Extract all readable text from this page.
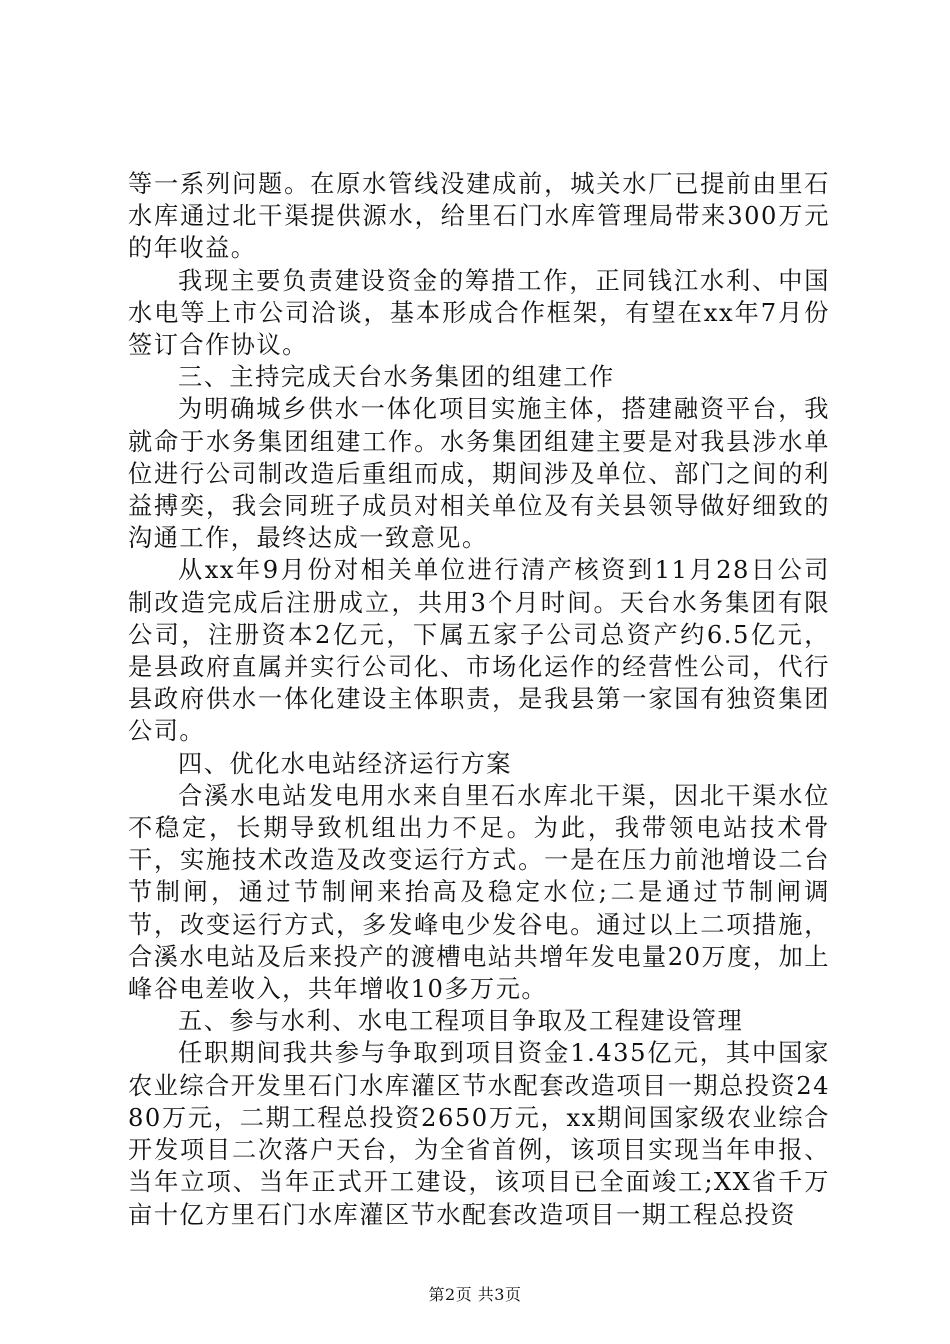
等一系列问题。在原水管线没建成前，城关水厂已提前由里石水库通过北干渠提供源水，给里石门水库管理局带来300万元的年收益。

我现主要负责建设资金的筹措工作，正同钱江水利、中国水电等上市公司洽谈，基本形成合作框架，有望在xx年7月份签订合作协议。

三、主持完成天台水务集团的组建工作

为明确城乡供水一体化项目实施主体，搭建融资平台，我就命于水务集团组建工作。水务集团组建主要是对我县涉水单位进行公司制改造后重组而成，期间涉及单位、部门之间的利益搏奕，我会同班子成员对相关单位及有关县领导做好细致的沟通工作，最终达成一致意见。

从xx年9月份对相关单位进行清产核资到11月28日公司制改造完成后注册成立，共用3个月时间。天台水务集团有限公司，注册资本2亿元，下属五家子公司总资产约6.5亿元，是县政府直属并实行公司化、市场化运作的经营性公司，代行县政府供水一体化建设主体职责，是我县第一家国有独资集团公司。

四、优化水电站经济运行方案

合溪水电站发电用水来自里石水库北干渠，因北干渠水位不稳定，长期导致机组出力不足。为此，我带领电站技术骨干，实施技术改造及改变运行方式。一是在压力前池增设二台节制闸，通过节制闸来抬高及稳定水位;二是通过节制闸调节，改变运行方式，多发峰电少发谷电。通过以上二项措施，合溪水电站及后来投产的渡槽电站共增年发电量20万度，加上峰谷电差收入，共年增收10多万元。

五、参与水利、水电工程项目争取及工程建设管理

任职期间我共参与争取到项目资金1.435亿元，其中国家农业综合开发里石门水库灌区节水配套改造项目一期总投资2480万元，二期工程总投资2650万元，xx期间国家级农业综合开发项目二次落户天台，为全省首例，该项目实现当年申报、当年立项、当年正式开工建设，该项目已全面竣工;XX省千万亩十亿方里石门水库灌区节水配套改造项目一期工程总投资

第2页 共3页
